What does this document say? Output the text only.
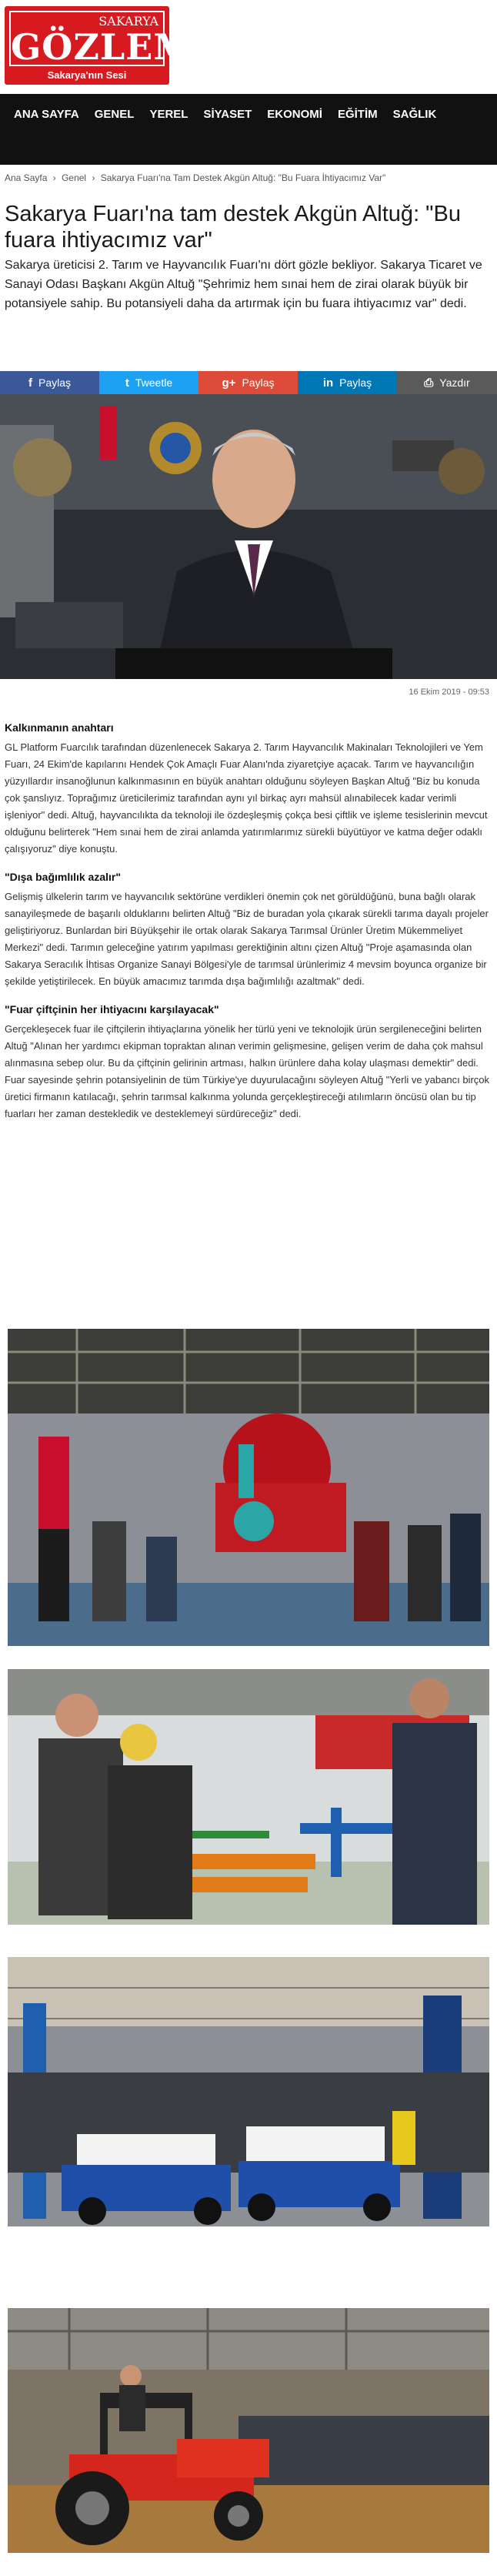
SAKARYA
GÖZLEM
Sakarya'nın Sesi
ANA SAYFA	GENEL	YEREL	SİYASET	EKONOMİ	EĞİTİM	SAĞLIK
Ana Sayfa › Genel › Sakarya Fuarı'na Tam Destek Akgün Altuğ: "Bu Fuara İhtiyacımız Var"
Sakarya Fuarı'na tam destek Akgün Altuğ: "Bu fuara ihtiyacımız var"
Sakarya üreticisi 2. Tarım ve Hayvancılık Fuarı'nı dört gözle bekliyor. Sakarya Ticaret ve Sanayi Odası Başkanı Akgün Altuğ "Şehrimiz hem sınai hem de zirai olarak büyük bir potansiyele sahip. Bu potansiyeli daha da artırmak için bu fuara ihtiyacımız var" dedi.
f Paylaş	t Tweetle	g+ Paylaş	in Paylaş	⎙ Yazdır
16 Ekim 2019 - 09:53
Kalkınmanın anahtarı

GL Platform Fuarcılık tarafından düzenlenecek Sakarya 2. Tarım Hayvancılık Makinaları Teknolojileri ve Yem Fuarı, 24 Ekim'de kapılarını Hendek Çok Amaçlı Fuar Alanı'nda ziyaretçiye açacak. Tarım ve hayvancılığın yüzyıllardır insanoğlunun kalkınmasının en büyük anahtarı olduğunu söyleyen Başkan Altuğ "Biz bu konuda çok şanslıyız. Toprağımız üreticilerimiz tarafından aynı yıl birkaç ayrı mahsül alınabilecek kadar verimli işleniyor" dedi. Altuğ, hayvancılıkta da teknoloji ile özdeşleşmiş çokça besi çiftlik ve işleme tesislerinin mevcut olduğunu belirterek "Hem sınai hem de zirai anlamda yatırımlarımız sürekli büyütüyor ve katma değer odaklı çalışıyoruz" diye konuştu.

"Dışa bağımlılık azalır"

Gelişmiş ülkelerin tarım ve hayvancılık sektörüne verdikleri önemin çok net görüldüğünü, buna bağlı olarak sanayileşmede de başarılı olduklarını belirten Altuğ "Biz de buradan yola çıkarak sürekli tarıma dayalı projeler geliştiriyoruz. Bunlardan biri Büyükşehir ile ortak olarak Sakarya Tarımsal Ürünler Üretim Mükemmeliyet Merkezi" dedi. Tarımın geleceğine yatırım yapılması gerektiğinin altını çizen Altuğ "Proje aşamasında olan Sakarya Seracılık İhtisas Organize Sanayi Bölgesi'yle de tarımsal ürünlerimiz 4 mevsim boyunca organize bir şekilde yetiştirilecek. En büyük amacımız tarımda dışa bağımlılığı azaltmak" dedi.

"Fuar çiftçinin her ihtiyacını karşılayacak"

Gerçekleşecek fuar ile çiftçilerin ihtiyaçlarına yönelik her türlü yeni ve teknolojik ürün sergileneceğini belirten Altuğ "Alınan her yardımcı ekipman topraktan alınan verimin gelişmesine, gelişen verim de daha çok mahsul alınmasına sebep olur. Bu da çiftçinin gelirinin artması, halkın ürünlere daha kolay ulaşması demektir" dedi. Fuar sayesinde şehrin potansiyelinin de tüm Türkiye'ye duyurulacağını söyleyen Altuğ "Yerli ve yabancı birçok üretici firmanın katılacağı, şehrin tarımsal kalkınma yolunda gerçekleştireceği atılımların öncüsü olan bu tip fuarları her zaman destekledik ve desteklemeyi sürdüreceğiz" dedi.
